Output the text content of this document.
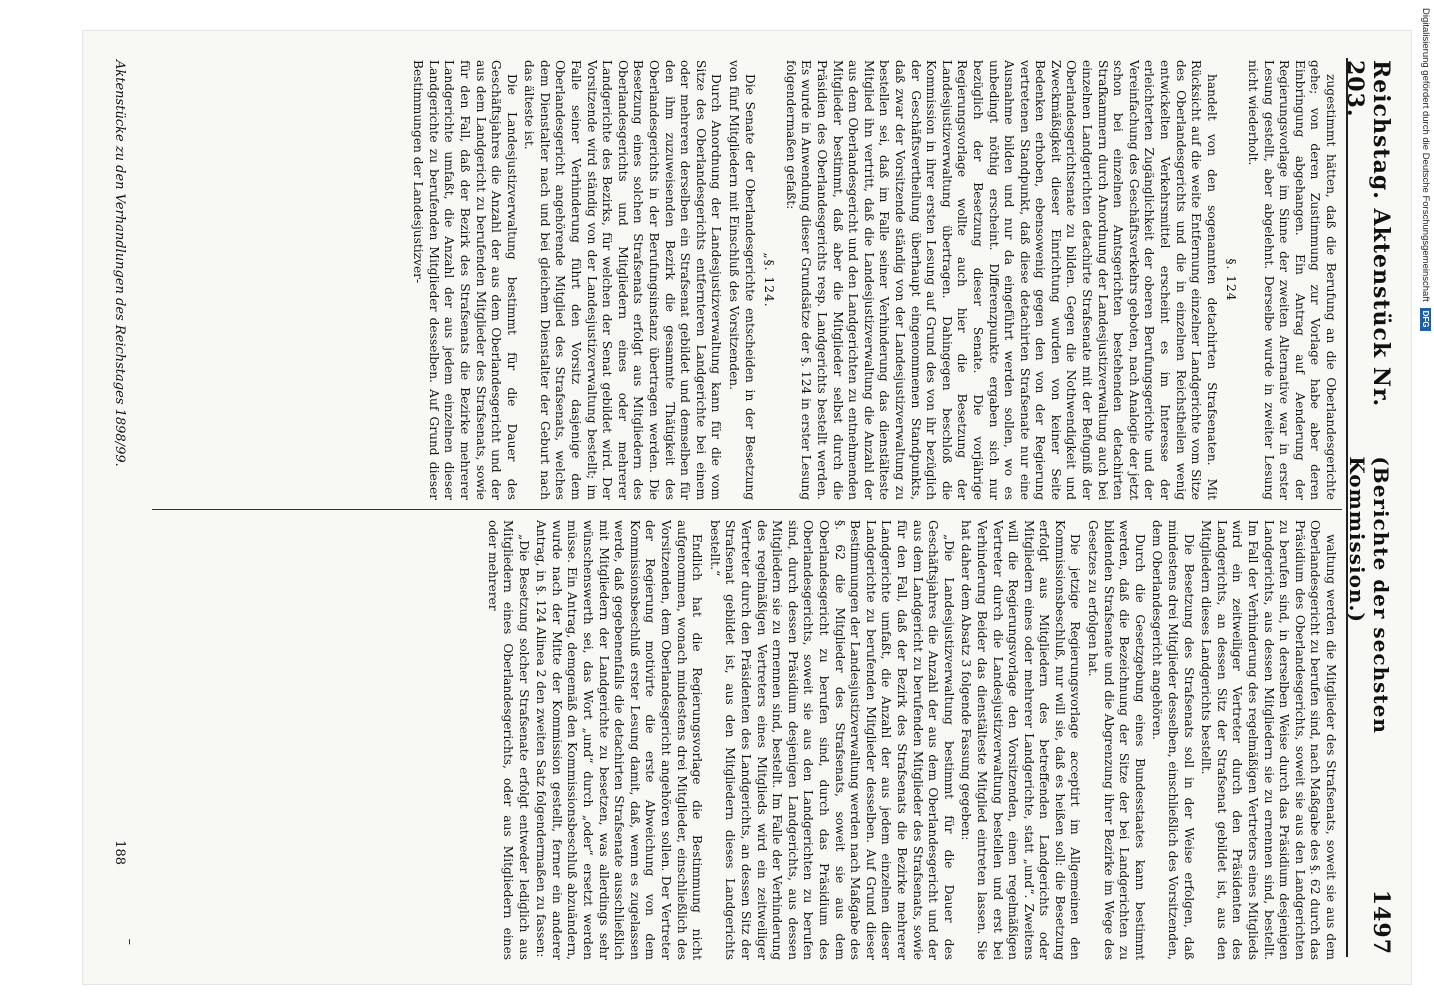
Reichstag. Aktenstück Nr. 203.
(Berichte der sechsten Kommission.)
1497

zugestimmt hätten, daß die Berufung an die Oberlandesgerichte gehe; von deren Zustimmung zur Vorlage habe aber deren Einbringung abgehangen. Ein Antrag auf Aenderung der Regierungsvorlage im Sinne der zweiten Alternative war in erster Lesung gestellt, aber abgelehnt. Derselbe wurde in zweiter Lesung nicht wiederholt.

§. 124

handelt von den sogenannten detachirten Strafsenaten. Mit Rücksicht auf die weite Entfernung einzelner Landgerichte vom Sitze des Oberlandesgerichts und die in einzelnen Reichstheilen wenig entwickelten Verkehrsmittel erscheint es im Interesse der erleichterten Zugänglichkeit der oberen Berufungsgerichte und der Vereinfachung des Geschäftsverkehrs geboten, nach Analogie der jetzt schon bei einzelnen Amtsgerichten bestehenden detachirten Strafkammern durch Anordnung der Landesjustizverwaltung auch bei einzelnen Landgerichten detachirte Strafsenate mit der Befugniß der Oberlandesgerichtsenate zu bilden. Gegen die Nothwendigkeit und Zweckmäßigkeit dieser Einrichtung wurden von keiner Seite Bedenken erhoben, ebensowenig gegen den von der Regierung vertretenen Standpunkt, daß diese detachirten Strafsenate nur eine Ausnahme bilden und nur da eingeführt werden sollen, wo es unbedingt nöthig erscheint. Differenzpunkte ergaben sich nur bezüglich der Besetzung dieser Senate. Die vorjährige Regierungsvorlage wollte auch hier die Besetzung der Landesjustizverwaltung übertragen. Dahingegen beschloß die Kommission in ihrer ersten Lesung auf Grund des von ihr bezüglich der Geschäftsvertheilung überhaupt eingenommenen Standpunkts, daß zwar der Vorsitzende ständig von der Landesjustizverwaltung zu bestellen sei, daß im Falle seiner Verhinderung das dienstälteste Mitglied ihn vertritt, daß die Landesjustizverwaltung die Anzahl der aus dem Oberlandesgericht und den Landgerichten zu entnehmenden Mitglieder bestimmt, daß aber die Mitglieder selbst durch die Präsidien des Oberlandesgerichts resp. Landgerichts bestellt werden. Es wurde in Anwendung dieser Grundsätze der §. 124 in erster Lesung folgendermaßen gefaßt:

„§. 124.

Die Senate der Oberlandesgerichte entscheiden in der Besetzung von fünf Mitgliedern mit Einschluß des Vorsitzenden.

Durch Anordnung der Landesjustizverwaltung kann für die vom Sitze des Oberlandesgerichts entfernteren Landgerichte bei einem oder mehreren derselben ein Strafsenat gebildet und demselben für den ihm zuzuweisenden Bezirk die gesammte Thätigkeit des Oberlandesgerichts in der Berufungsinstanz übertragen werden. Die Besetzung eines solchen Strafsenats erfolgt aus Mitgliedern des Oberlandesgerichts und Mitgliedern eines oder mehrerer Landgerichte des Bezirks, für welchen der Senat gebildet wird. Der Vorsitzende wird ständig von der Landesjustizverwaltung bestellt; im Falle seiner Verhinderung führt den Vorsitz dasjenige dem Oberlandesgericht angehörende Mitglied des Strafsenats, welches dem Dienstalter nach und bei gleichem Dienstalter der Geburt nach das älteste ist.

Die Landesjustizverwaltung bestimmt für die Dauer des Geschäftsjahres die Anzahl der aus dem Oberlandesgericht und der aus dem Landgericht zu berufenden Mitglieder des Strafsenats, sowie für den Fall, daß der Bezirk des Strafsenats die Bezirke mehrerer Landgerichte umfaßt, die Anzahl der aus jedem einzelnen dieser Landgerichte zu berufenden Mitglieder desselben. Auf Grund dieser Bestimmungen der Landesjustizver-

waltung werden die Mitglieder des Strafsenats, soweit sie aus dem Oberlandesgericht zu berufen sind, nach Maßgabe des §. 62 durch das Präsidium des Oberlandesgerichts, soweit sie aus den Landgerichten zu berufen sind, in derselben Weise durch das Präsidium desjenigen Landgerichts, aus dessen Mitgliedern sie zu ernennen sind, bestellt. Im Fall der Verhinderung des regelmäßigen Vertreters eines Mitglieds wird ein zeitweiliger Vertreter durch den Präsidenten des Landgerichts, an dessen Sitz der Strafsenat gebildet ist, aus den Mitgliedern dieses Landgerichts bestellt.

Die Besetzung des Strafsenats soll in der Weise erfolgen, daß mindestens drei Mitglieder desselben, einschließlich des Vorsitzenden, dem Oberlandesgericht angehören.

Durch die Gesetzgebung eines Bundesstaates kann bestimmt werden, daß die Bezeichnung der Sitze der bei Landgerichten zu bildenden Strafsenate und die Abgrenzung ihrer Bezirke im Wege des Gesetzes zu erfolgen hat.

Die jetzige Regierungsvorlage acceptirt im Allgemeinen den Kommissionsbeschluß, nur will sie, daß es heißen soll: die Besetzung erfolgt aus Mitgliedern des betreffenden Landgerichts oder Mitgliedern eines oder mehrerer Landgerichte, statt „und“. Zweitens will die Regierungsvorlage den Vorsitzenden, einen regelmäßigen Vertreter durch die Landesjustizverwaltung bestellen und erst bei Verhinderung Beider das dienstälteste Mitglied eintreten lassen. Sie hat daher dem Absatz 3 folgende Fassung gegeben:

„Die Landesjustizverwaltung bestimmt für die Dauer des Geschäftsjahres die Anzahl der aus dem Oberlandesgericht und der aus dem Landgericht zu berufenden Mitglieder des Strafsenats, sowie für den Fall, daß der Bezirk des Strafsenats die Bezirke mehrerer Landgerichte umfaßt, die Anzahl der aus jedem einzelnen dieser Landgerichte zu berufenden Mitglieder desselben. Auf Grund dieser Bestimmungen der Landesjustizverwaltung werden nach Maßgabe des §. 62 die Mitglieder des Strafsenats, soweit sie aus dem Oberlandesgericht zu berufen sind, durch das Präsidium des Oberlandesgerichts, soweit sie aus den Landgerichten zu berufen sind, durch dessen Präsidium desjenigen Landgerichts, aus dessen Mitgliedern sie zu ernennen sind, bestellt. Im Falle der Verhinderung des regelmäßigen Vertreters eines Mitglieds wird ein zeitweiliger Vertreter durch den Präsidenten des Landgerichts, an dessen Sitz der Strafsenat gebildet ist, aus den Mitgliedern dieses Landgerichts bestellt.“

Endlich hat die Regierungsvorlage die Bestimmung nicht aufgenommen, wonach mindestens drei Mitglieder, einschließlich des Vorsitzenden, dem Oberlandesgericht angehören sollen. Der Vertreter der Regierung motivirte die erste Abweichung von dem Kommissionsbeschluß erster Lesung damit, daß, wenn es zugelassen werde, daß gegebenenfalls die detachirten Strafsenate ausschließlich mit Mitgliedern der Landgerichte zu besetzen, was allerdings sehr wünschenswerth sei, das Wort „und“ durch „oder“ ersetzt werden müsse. Ein Antrag, demgemäß den Kommissionsbeschluß abzuändern, wurde nach der Mitte der Kommission gestellt, ferner ein anderer Antrag, in §. 124 Alinea 2 den zweiten Satz folgendermaßen zu fassen:

„Die Besetzung solcher Strafsenate erfolgt entweder lediglich aus Mitgliedern eines Oberlandesgerichts, oder aus Mitgliedern eines oder mehrerer

Aktenstücke zu den Verhandlungen des Reichstages 1898/99.
188
–
Digitalisierung gefördert durch die Deutsche Forschungsgemeinschaft
DFG
